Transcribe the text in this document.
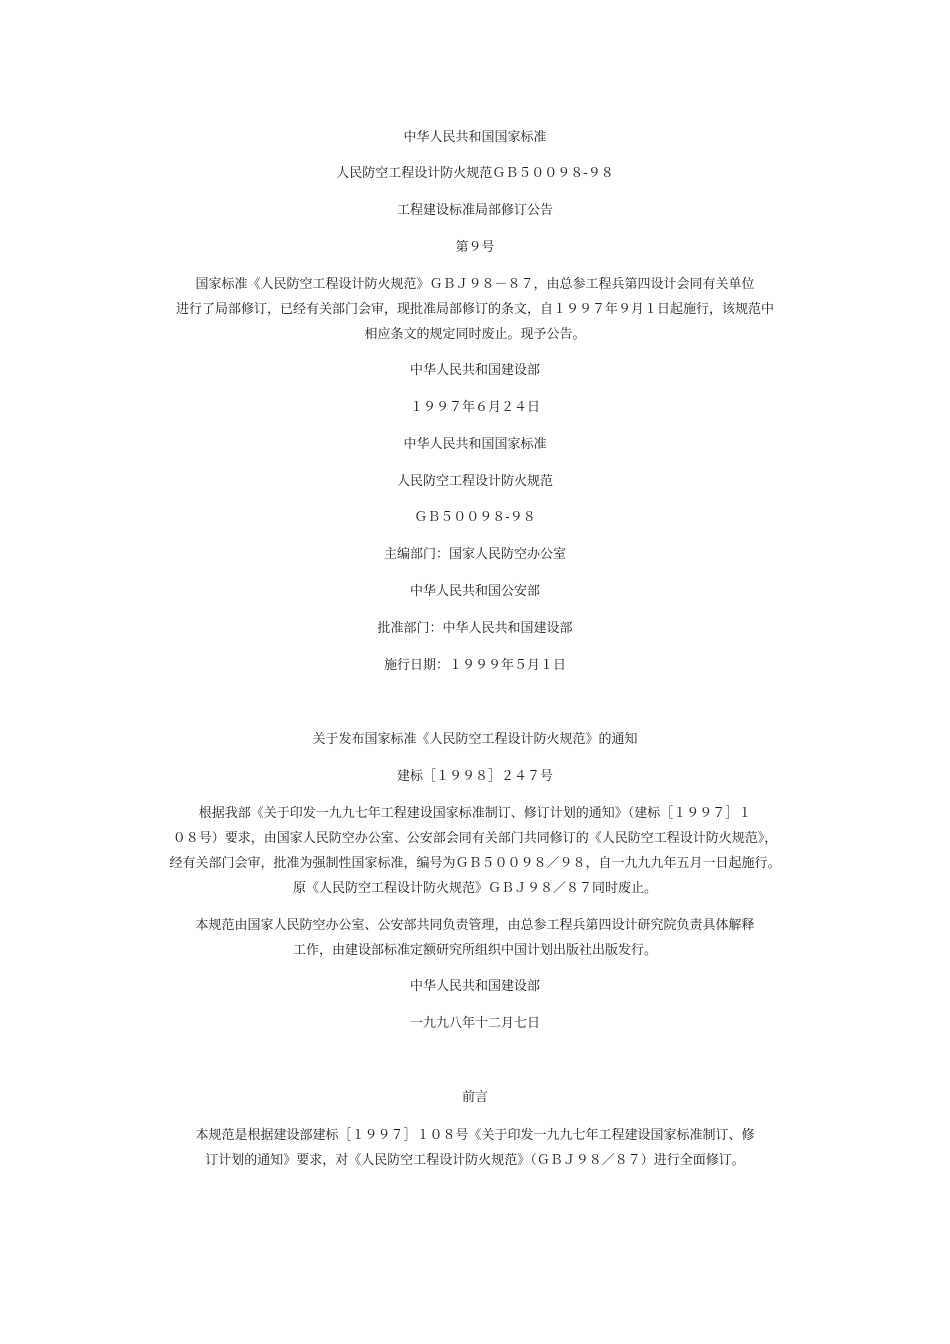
中华人民共和国国家标准
人民防空工程设计防火规范ＧＢ５００９８-９８
工程建设标准局部修订公告
第９号
国家标准《人民防空工程设计防火规范》ＧＢＪ９８－８７，由总参工程兵第四设计会同有关单位
进行了局部修订，已经有关部门会审，现批准局部修订的条文，自１９９７年９月１日起施行，该规范中
相应条文的规定同时废止。现予公告。
中华人民共和国建设部
１９９７年６月２４日
中华人民共和国国家标准
人民防空工程设计防火规范
ＧＢ５００９８-９８
主编部门：国家人民防空办公室
中华人民共和国公安部
批准部门：中华人民共和国建设部
施行日期：１９９９年５月１日
关于发布国家标准《人民防空工程设计防火规范》的通知
建标［１９９８］２４７号
根据我部《关于印发一九九七年工程建设国家标准制订、修订计划的通知》（建标［１９９７］１
０８号）要求，由国家人民防空办公室、公安部会同有关部门共同修订的《人民防空工程设计防火规范》，
经有关部门会审，批准为强制性国家标准，编号为ＧＢ５００９８／９８，自一九九九年五月一日起施行。
原《人民防空工程设计防火规范》ＧＢＪ９８／８７同时废止。
本规范由国家人民防空办公室、公安部共同负责管理，由总参工程兵第四设计研究院负责具体解释
工作，由建设部标准定额研究所组织中国计划出版社出版发行。
中华人民共和国建设部
一九九八年十二月七日
前言
本规范是根据建设部建标［１９９７］１０８号《关于印发一九九七年工程建设国家标准制订、修
订计划的通知》要求，对《人民防空工程设计防火规范》（ＧＢＪ９８／８７）进行全面修订。
